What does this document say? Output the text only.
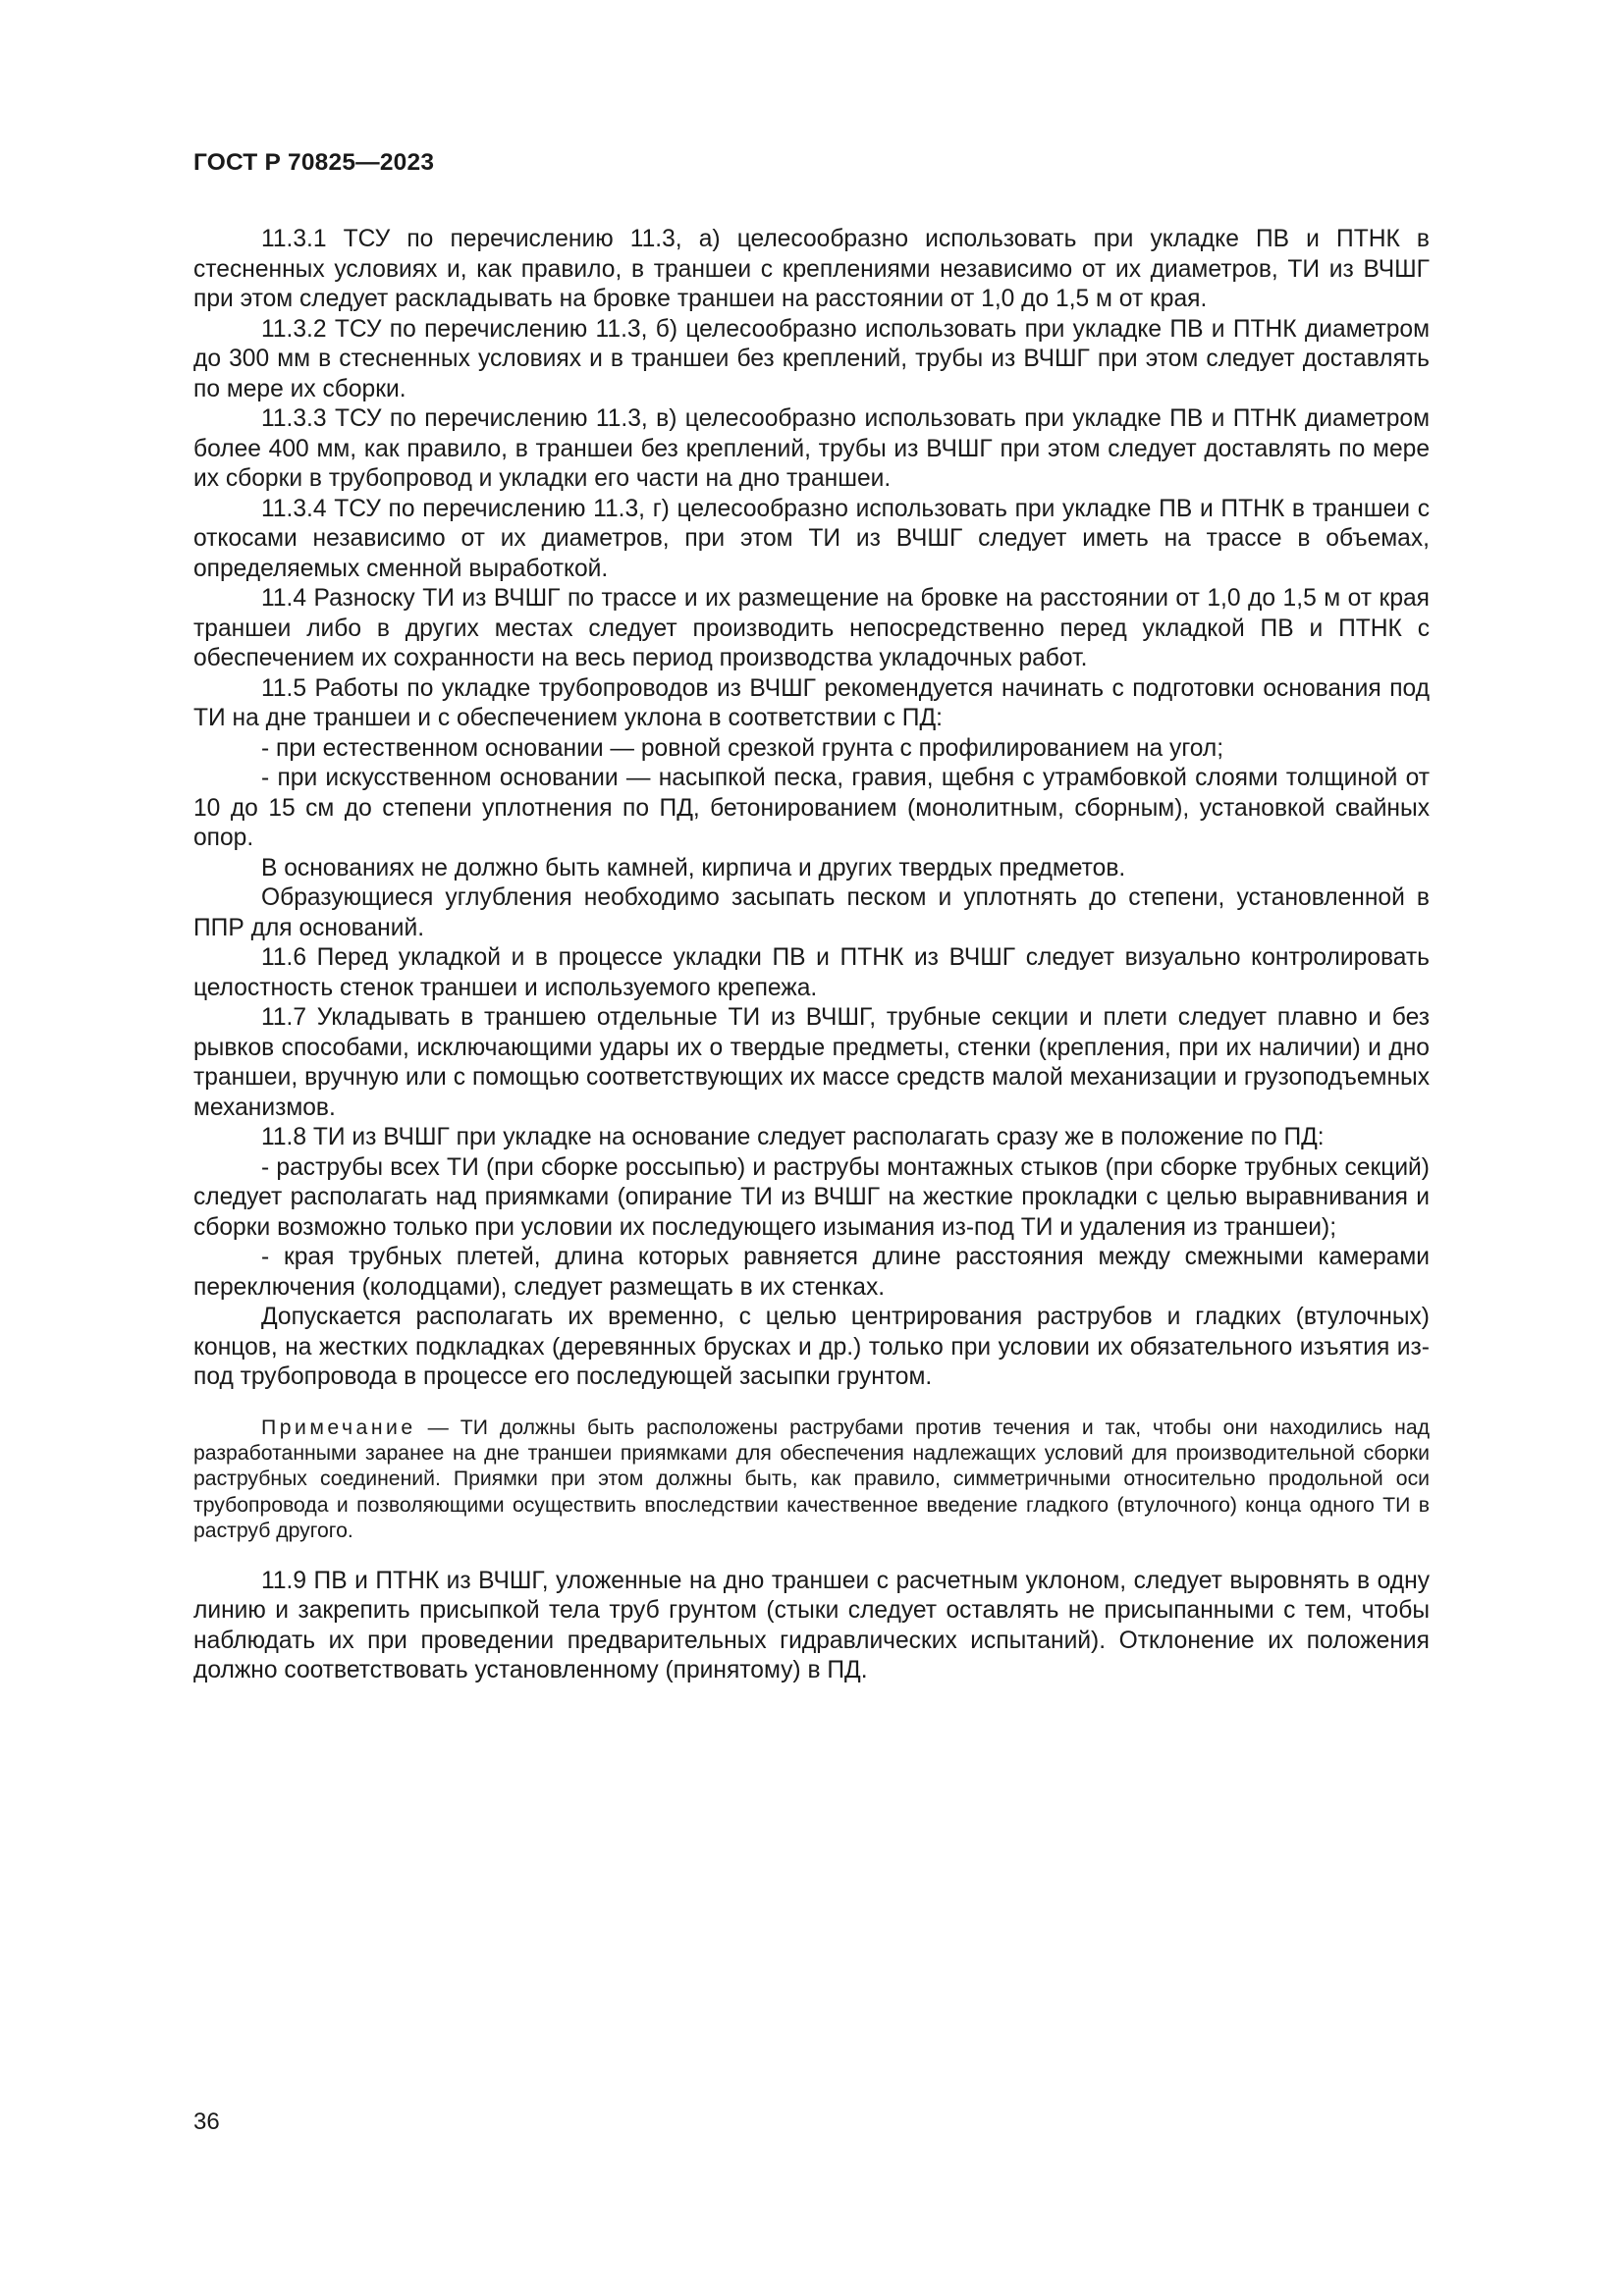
ГОСТ Р 70825—2023

11.3.1 ТСУ по перечислению 11.3, а) целесообразно использовать при укладке ПВ и ПТНК в стесненных условиях и, как правило, в траншеи с креплениями независимо от их диаметров, ТИ из ВЧШГ при этом следует раскладывать на бровке траншеи на расстоянии от 1,0 до 1,5 м от края.

11.3.2 ТСУ по перечислению 11.3, б) целесообразно использовать при укладке ПВ и ПТНК диаметром до 300 мм в стесненных условиях и в траншеи без креплений, трубы из ВЧШГ при этом следует доставлять по мере их сборки.

11.3.3 ТСУ по перечислению 11.3, в) целесообразно использовать при укладке ПВ и ПТНК диаметром более 400 мм, как правило, в траншеи без креплений, трубы из ВЧШГ при этом следует доставлять по мере их сборки в трубопровод и укладки его части на дно траншеи.

11.3.4 ТСУ по перечислению 11.3, г) целесообразно использовать при укладке ПВ и ПТНК в траншеи с откосами независимо от их диаметров, при этом ТИ из ВЧШГ следует иметь на трассе в объемах, определяемых сменной выработкой.

11.4 Разноску ТИ из ВЧШГ по трассе и их размещение на бровке на расстоянии от 1,0 до 1,5 м от края траншеи либо в других местах следует производить непосредственно перед укладкой ПВ и ПТНК с обеспечением их сохранности на весь период производства укладочных работ.

11.5 Работы по укладке трубопроводов из ВЧШГ рекомендуется начинать с подготовки основания под ТИ на дне траншеи и с обеспечением уклона в соответствии с ПД:

- при естественном основании — ровной срезкой грунта с профилированием на угол;

- при искусственном основании — насыпкой песка, гравия, щебня с утрамбовкой слоями толщиной от 10 до 15 см до степени уплотнения по ПД, бетонированием (монолитным, сборным), установкой свайных опор.

В основаниях не должно быть камней, кирпича и других твердых предметов.

Образующиеся углубления необходимо засыпать песком и уплотнять до степени, установленной в ППР для оснований.

11.6 Перед укладкой и в процессе укладки ПВ и ПТНК из ВЧШГ следует визуально контролировать целостность стенок траншеи и используемого крепежа.

11.7 Укладывать в траншею отдельные ТИ из ВЧШГ, трубные секции и плети следует плавно и без рывков способами, исключающими удары их о твердые предметы, стенки (крепления, при их наличии) и дно траншеи, вручную или с помощью соответствующих их массе средств малой механизации и грузоподъемных механизмов.

11.8 ТИ из ВЧШГ при укладке на основание следует располагать сразу же в положение по ПД:

- раструбы всех ТИ (при сборке россыпью) и раструбы монтажных стыков (при сборке трубных секций) следует располагать над приямками (опирание ТИ из ВЧШГ на жесткие прокладки с целью выравнивания и сборки возможно только при условии их последующего изымания из-под ТИ и удаления из траншеи);

- края трубных плетей, длина которых равняется длине расстояния между смежными камерами переключения (колодцами), следует размещать в их стенках.

Допускается располагать их временно, с целью центрирования раструбов и гладких (втулочных) концов, на жестких подкладках (деревянных брусках и др.) только при условии их обязательного изъятия из-под трубопровода в процессе его последующей засыпки грунтом.

Примечание — ТИ должны быть расположены раструбами против течения и так, чтобы они находились над разработанными заранее на дне траншеи приямками для обеспечения надлежащих условий для производительной сборки раструбных соединений. Приямки при этом должны быть, как правило, симметричными относительно продольной оси трубопровода и позволяющими осуществить впоследствии качественное введение гладкого (втулочного) конца одного ТИ в раструб другого.

11.9 ПВ и ПТНК из ВЧШГ, уложенные на дно траншеи с расчетным уклоном, следует выровнять в одну линию и закрепить присыпкой тела труб грунтом (стыки следует оставлять не присыпанными с тем, чтобы наблюдать их при проведении предварительных гидравлических испытаний). Отклонение их положения должно соответствовать установленному (принятому) в ПД.

36
